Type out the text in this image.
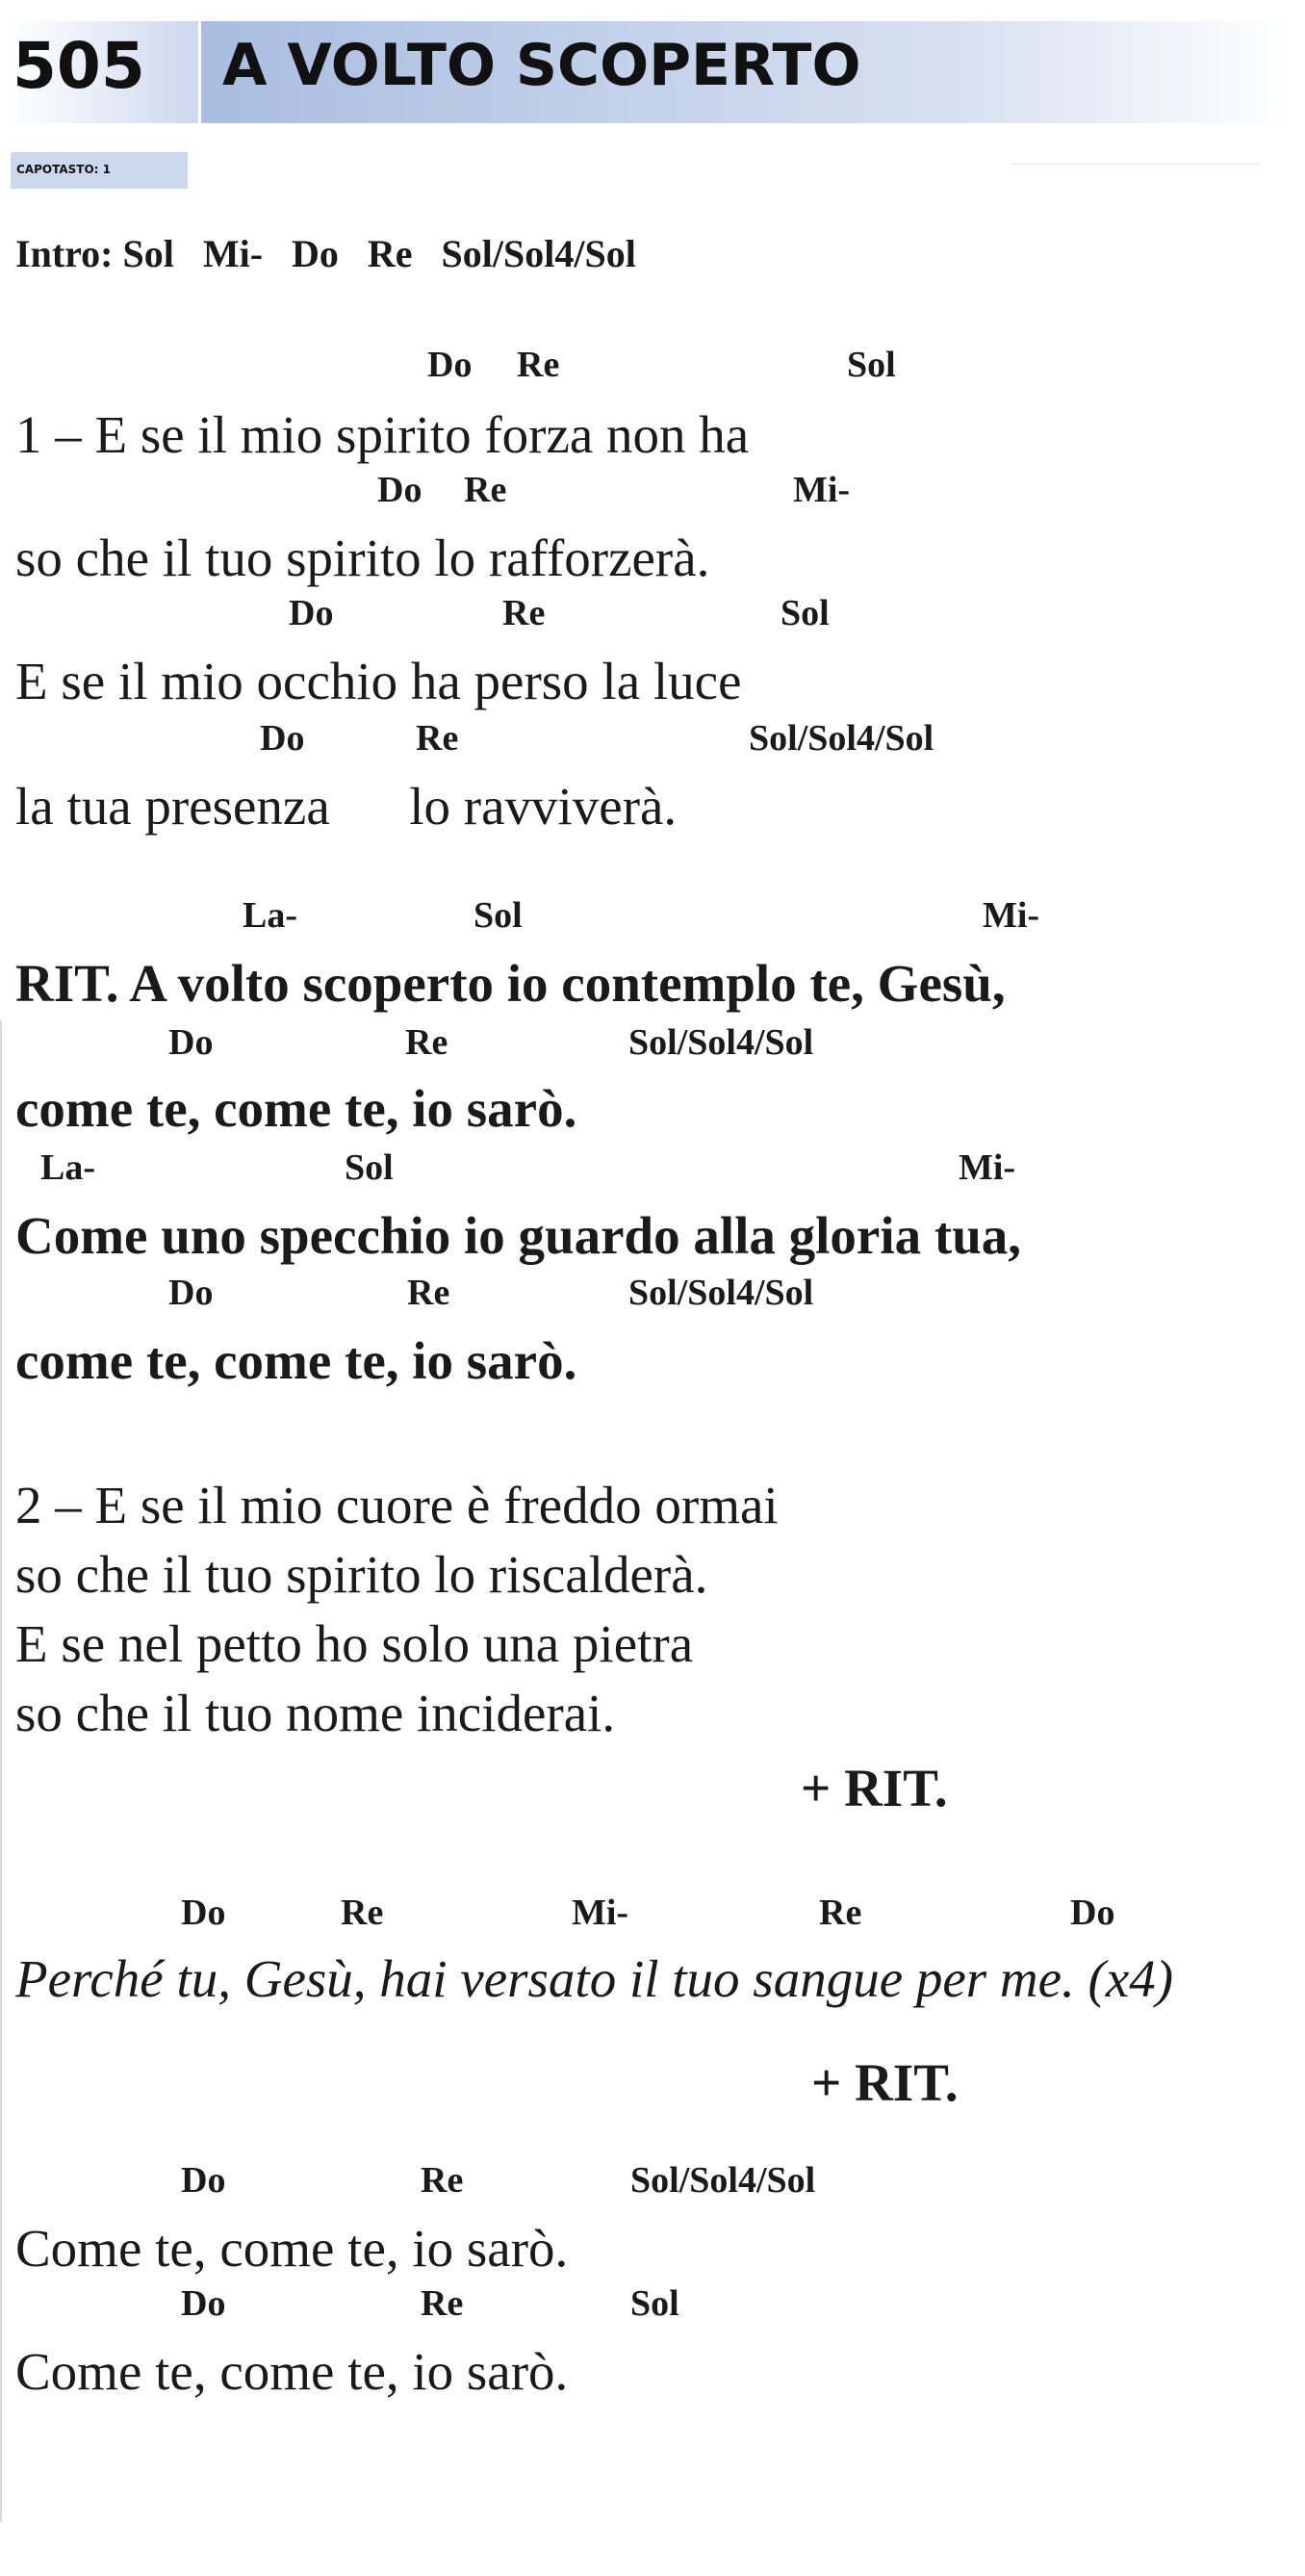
505 A VOLTO SCOPERTO
CAPOTASTO: 1
Intro: Sol   Mi-   Do   Re   Sol/Sol4/Sol
Do Re	Sol
1 – E se il mio spirito forza non ha
Do Re	Mi-
so che il tuo spirito lo rafforzerà.
Do	Re	Sol
E se il mio occhio ha perso la luce
Do	Re	Sol/Sol4/Sol
la tua presenza      lo ravviverà.
La-	Sol	Mi-
RIT. A volto scoperto io contemplo te, Gesù,
Do	Re	Sol/Sol4/Sol
come te, come te, io sarò.
La-	Sol	Mi-
Come uno specchio io guardo alla gloria tua,
Do	Re	Sol/Sol4/Sol
come te, come te, io sarò.
2 – E se il mio cuore è freddo ormai
so che il tuo spirito lo riscalderà.
E se nel petto ho solo una pietra
so che il tuo nome inciderai.
+ RIT.
Do	Re	Mi-	Re	Do
Perché tu, Gesù, hai versato il tuo sangue per me. (x4)
+ RIT.
Do	Re	Sol/Sol4/Sol
Come te, come te, io sarò.
Do	Re	Sol
Come te, come te, io sarò.
